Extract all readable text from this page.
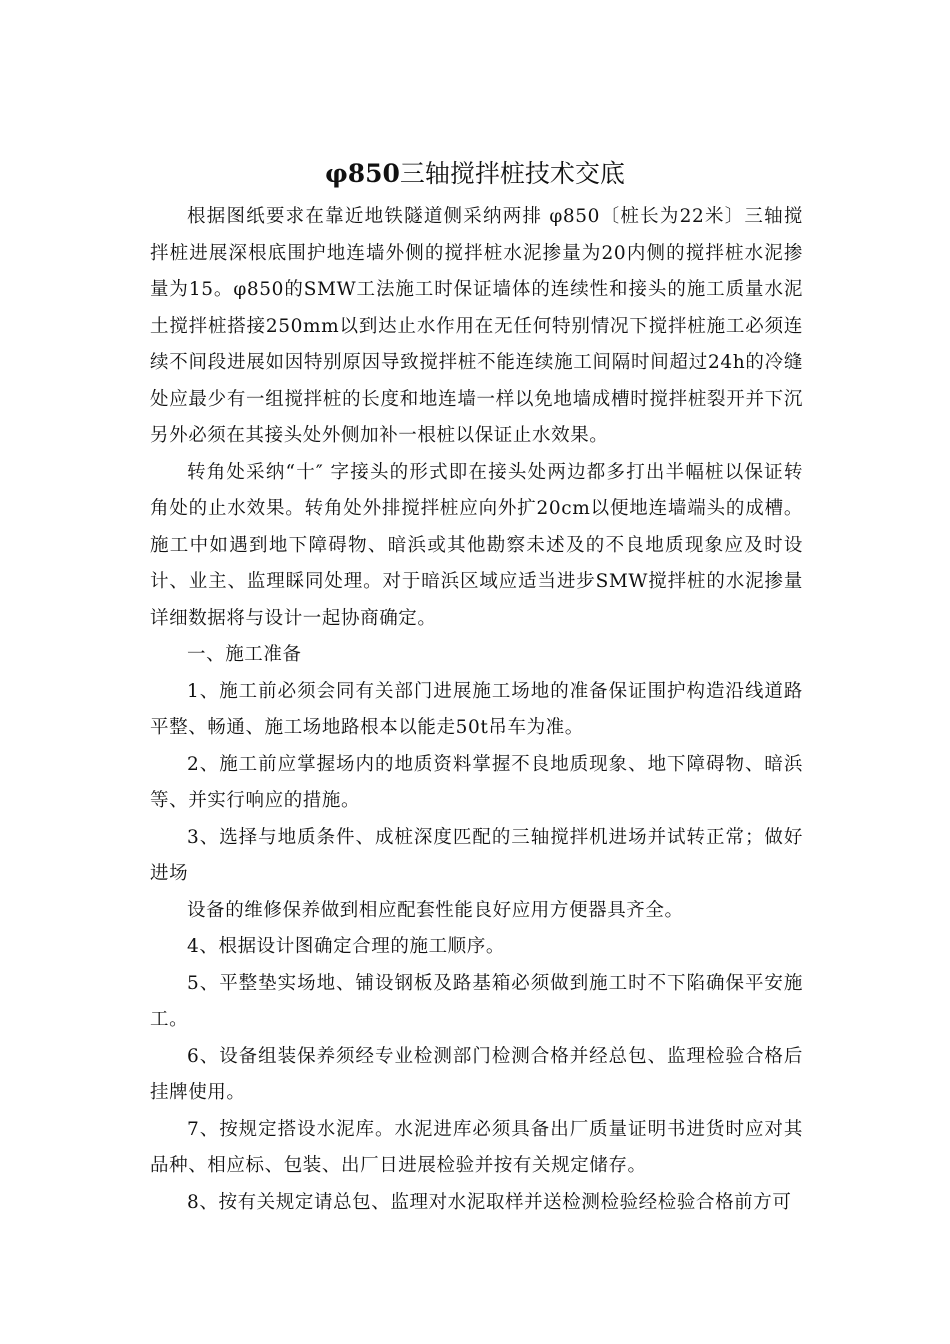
φ850三轴搅拌桩技术交底

根据图纸要求在靠近地铁隧道侧采纳两排 φ850〔桩长为22米〕三轴搅拌桩进展深根底围护地连墙外侧的搅拌桩水泥掺量为20内侧的搅拌桩水泥掺量为15。φ850的SMW工法施工时保证墙体的连续性和接头的施工质量水泥土搅拌桩搭接250mm以到达止水作用在无任何特别情况下搅拌桩施工必须连续不间段进展如因特别原因导致搅拌桩不能连续施工间隔时间超过24h的冷缝处应最少有一组搅拌桩的长度和地连墙一样以免地墙成槽时搅拌桩裂开并下沉另外必须在其接头处外侧加补一根桩以保证止水效果。

转角处采纳“十″ 字接头的形式即在接头处两边都多打出半幅桩以保证转角处的止水效果。转角处外排搅拌桩应向外扩20cm以便地连墙端头的成槽。施工中如遇到地下障碍物、暗浜或其他勘察未述及的不良地质现象应及时设计、业主、监理睬同处理。对于暗浜区域应适当进步SMW搅拌桩的水泥掺量详细数据将与设计一起协商确定。

一、施工准备

1、施工前必须会同有关部门进展施工场地的准备保证围护构造沿线道路平整、畅通、施工场地路根本以能走50t吊车为准。

2、施工前应掌握场内的地质资料掌握不良地质现象、地下障碍物、暗浜等、并实行响应的措施。

3、选择与地质条件、成桩深度匹配的三轴搅拌机进场并试转正常；做好进场

设备的维修保养做到相应配套性能良好应用方便器具齐全。

4、根据设计图确定合理的施工顺序。

5、平整垫实场地、铺设钢板及路基箱必须做到施工时不下陷确保平安施工。

6、设备组装保养须经专业检测部门检测合格并经总包、监理检验合格后挂牌使用。

7、按规定搭设水泥库。水泥进库必须具备出厂质量证明书进货时应对其品种、相应标、包装、出厂日进展检验并按有关规定储存。

8、按有关规定请总包、监理对水泥取样并送检测检验经检验合格前方可
